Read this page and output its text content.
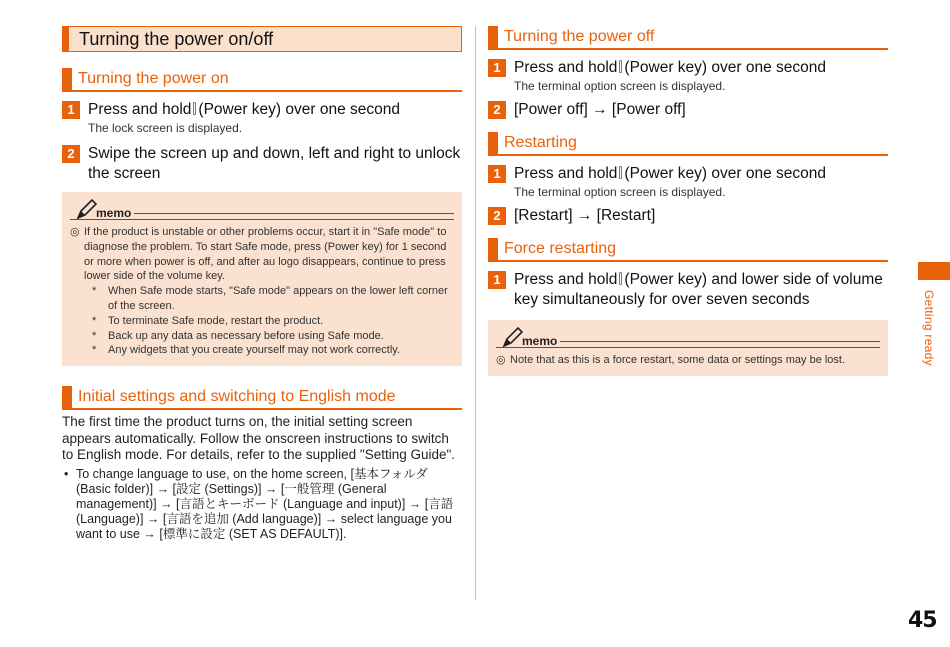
Turning the power on/off
Turning the power on
1 Press and hold (Power key) over one second
The lock screen is displayed.
2 Swipe the screen up and down, left and right to unlock the screen
memo
◎ If the product is unstable or other problems occur, start it in "Safe mode" to diagnose the problem. To start Safe mode, press (Power key) for 1 second or more when power is off, and after au logo disappears, continue to press lower side of the volume key.
*	When Safe mode starts, "Safe mode" appears on the lower left corner of the screen.
*	To terminate Safe mode, restart the product.
*	Back up any data as necessary before using Safe mode.
*	Any widgets that you create yourself may not work correctly.
Initial settings and switching to English mode
The first time the product turns on, the initial setting screen appears automatically. Follow the onscreen instructions to switch to English mode. For details, refer to the supplied "Setting Guide".
• To change language to use, on the home screen, [基本フォルダ (Basic folder)] → [設定 (Settings)] → [一般管理 (General management)] → [言語とキーボード (Language and input)] → [言語 (Language)] → [言語を追加 (Add language)] → select language you want to use → [標準に設定 (SET AS DEFAULT)].
Turning the power off
1 Press and hold (Power key) over one second
The terminal option screen is displayed.
2 [Power off] → [Power off]
Restarting
1 Press and hold (Power key) over one second
The terminal option screen is displayed.
2 [Restart] → [Restart]
Force restarting
1 Press and hold (Power key) and lower side of volume key simultaneously for over seven seconds
memo
◎ Note that as this is a force restart, some data or settings may be lost.	Getting ready
45
